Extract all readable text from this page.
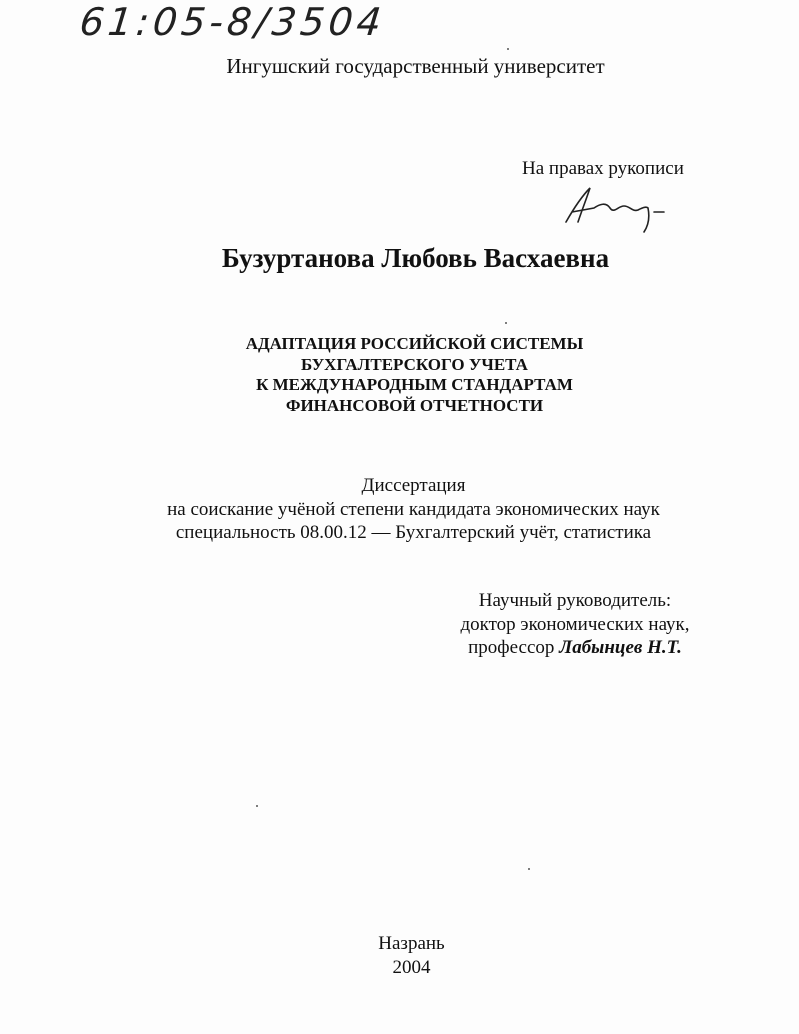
61:05-8/3504
Ингушский государственный университет
На правах рукописи
Бузуртанова Любовь Васхаевна
АДАПТАЦИЯ РОССИЙСКОЙ СИСТЕМЫ
БУХГАЛТЕРСКОГО УЧЕТА
К МЕЖДУНАРОДНЫМ СТАНДАРТАМ
ФИНАНСОВОЙ ОТЧЕТНОСТИ
Диссертация
на соискание учёной степени кандидата экономических наук
специальность 08.00.12 — Бухгалтерский учёт, статистика
Научный руководитель:
доктор экономических наук,
профессор Лабынцев Н.Т.
Назрань
2004
